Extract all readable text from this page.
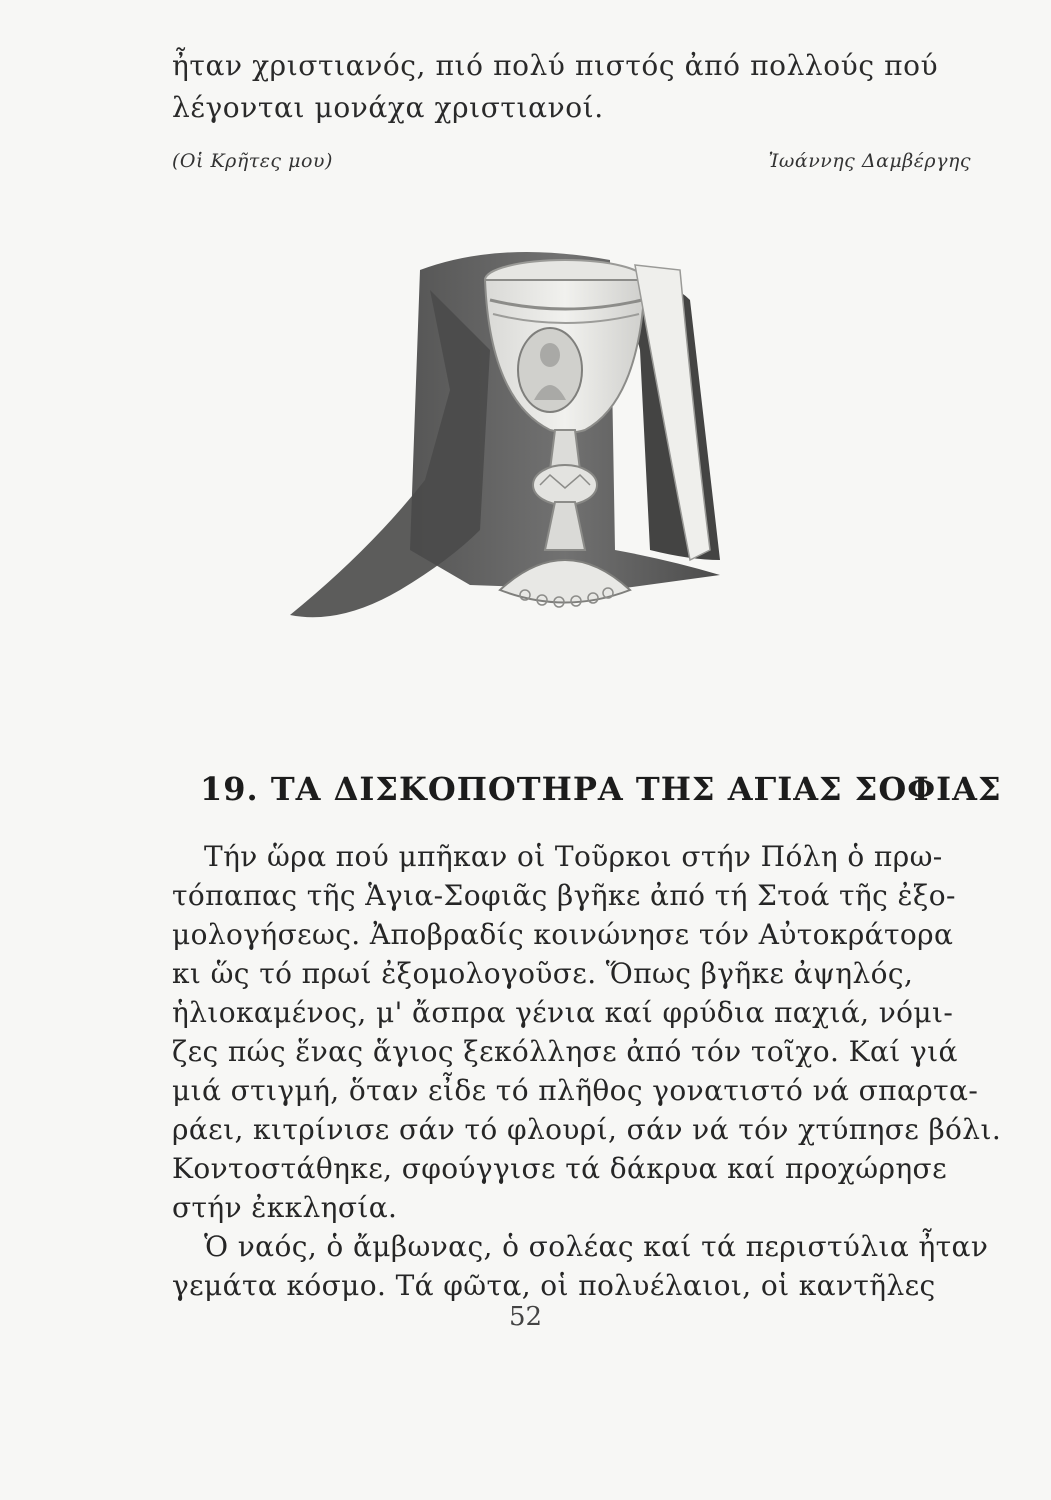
ἦταν χριστιανός, πιό πολύ πιστός ἀπό πολλούς πού
λέγονται μονάχα χριστιανοί.
(Οἱ Κρῆτες μου)	Ἰωάννης Δαμβέργης
19. ΤΑ ΔΙΣΚΟΠΟΤΗΡΑ ΤΗΣ ΑΓΙΑΣ ΣΟΦΙΑΣ
Τήν ὥρα πού μπῆκαν οἱ Τοῦρκοι στήν Πόλη ὁ πρω-
τόπαπας τῆς Ἁγια-Σοφιᾶς βγῆκε ἀπό τή Στοά τῆς ἐξο-
μολογήσεως. Ἀποβραδίς κοινώνησε τόν Αὐτοκράτορα
κι ὥς τό πρωί ἐξομολογοῦσε. Ὅπως βγῆκε ἀψηλός,
ἡλιοκαμένος, μ' ἄσπρα γένια καί φρύδια παχιά, νόμι-
ζες πώς ἕνας ἅγιος ξεκόλλησε ἀπό τόν τοῖχο. Καί γιά
μιά στιγμή, ὅταν εἶδε τό πλῆθος γονατιστό νά σπαρτα-
ράει, κιτρίνισε σάν τό φλουρί, σάν νά τόν χτύπησε βόλι.
Κοντοστάθηκε, σφούγγισε τά δάκρυα καί προχώρησε
στήν ἐκκλησία.
Ὁ ναός, ὁ ἄμβωνας, ὁ σολέας καί τά περιστύλια ἦταν
γεμάτα κόσμο. Τά φῶτα, οἱ πολυέλαιοι, οἱ καντῆλες
52
